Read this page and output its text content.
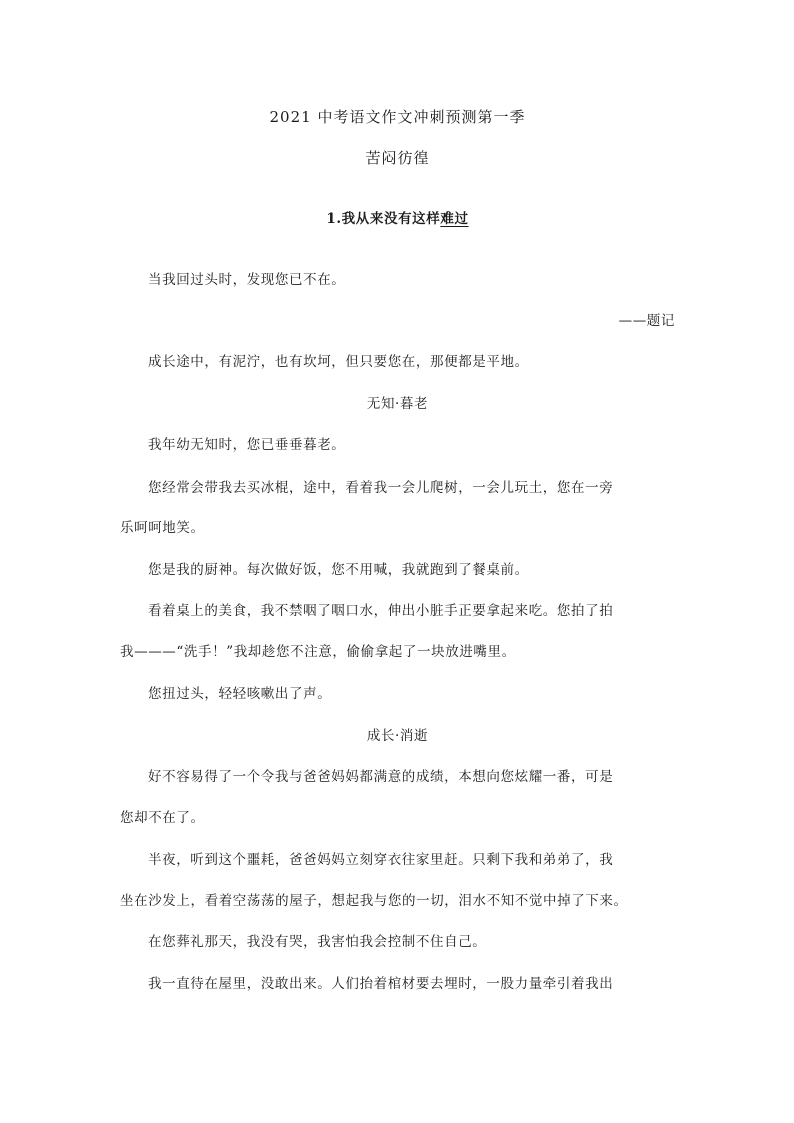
2021 中考语文作文冲刺预测第一季
苦闷彷徨
1.我从来没有这样难过
当我回过头时，发现您已不在。
——题记
成长途中，有泥泞，也有坎坷，但只要您在，那便都是平地。
无知·暮老
我年幼无知时，您已垂垂暮老。
您经常会带我去买冰棍，途中，看着我一会儿爬树，一会儿玩土，您在一旁
乐呵呵地笑。
您是我的厨神。每次做好饭，您不用喊，我就跑到了餐桌前。
看着桌上的美食，我不禁咽了咽口水，伸出小脏手正要拿起来吃。您拍了拍
我———“洗手！”我却趁您不注意，偷偷拿起了一块放进嘴里。
您扭过头，轻轻咳嗽出了声。
成长·消逝
好不容易得了一个令我与爸爸妈妈都满意的成绩，本想向您炫耀一番，可是
您却不在了。
半夜，听到这个噩耗，爸爸妈妈立刻穿衣往家里赶。只剩下我和弟弟了，我
坐在沙发上，看着空荡荡的屋子，想起我与您的一切，泪水不知不觉中掉了下来。
在您葬礼那天，我没有哭，我害怕我会控制不住自己。
我一直待在屋里，没敢出来。人们抬着棺材要去埋时，一股力量牵引着我出
